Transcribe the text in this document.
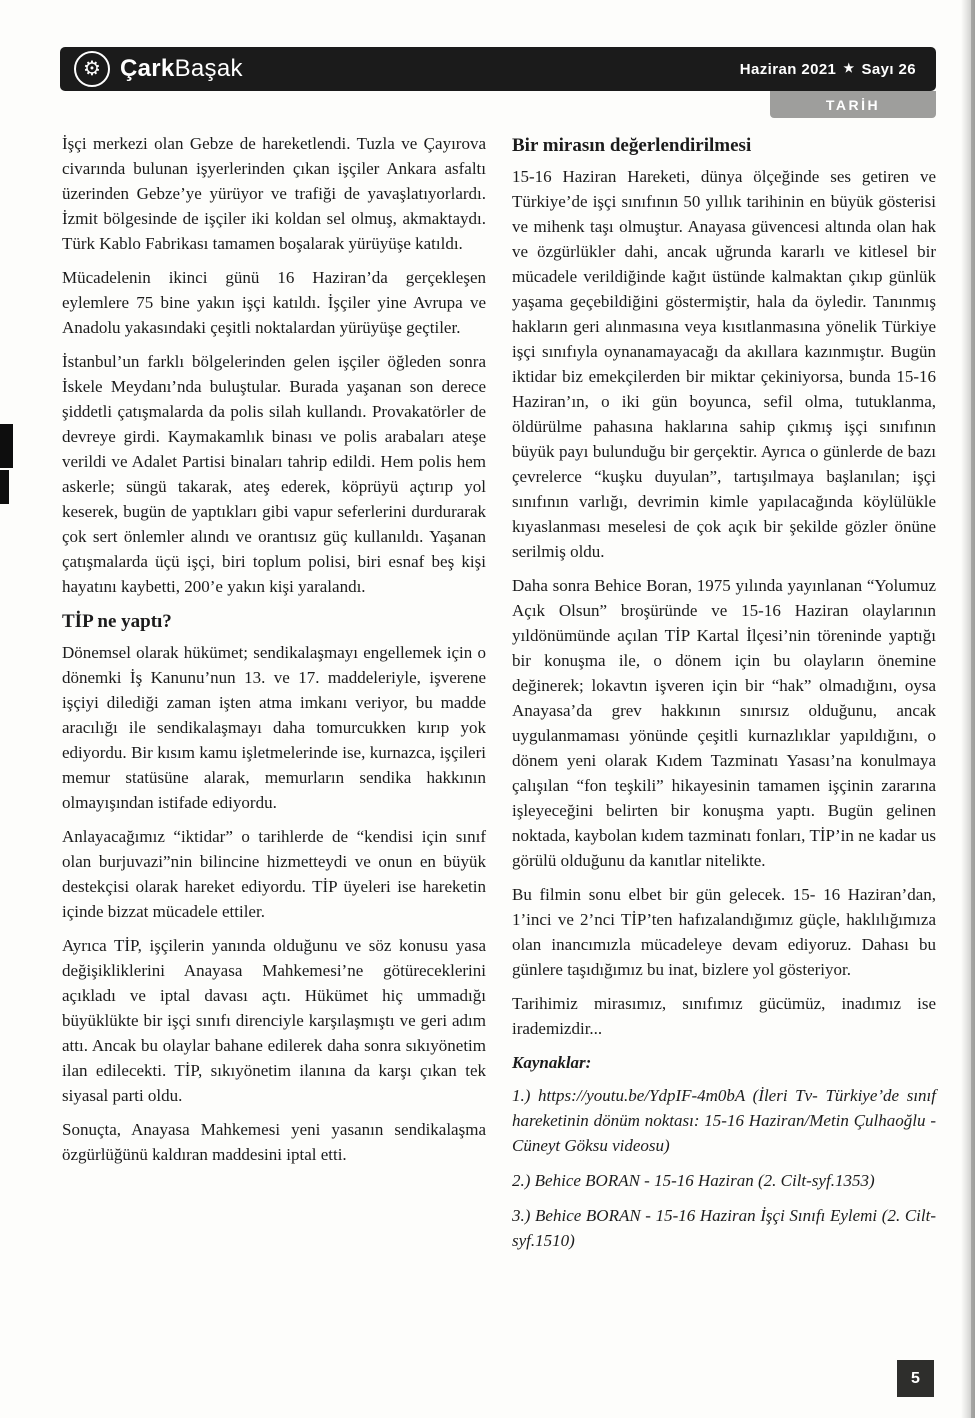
⚙ ÇarkBaşak	Haziran 2021 ★ Sayı 26
TARİH

İşçi merkezi olan Gebze de hareketlendi. Tuzla ve Çayırova civarında bulunan işyerlerinden çıkan işçiler Ankara asfaltı üzerinden Gebze’ye yürüyor ve trafiği de yavaşlatıyorlardı. İzmit bölgesinde de işçiler iki koldan sel olmuş, akmaktaydı. Türk Kablo Fabrikası tamamen boşalarak yürüyüşe katıldı.

Mücadelenin ikinci günü 16 Haziran’da gerçekleşen eylemlere 75 bine yakın işçi katıldı. İşçiler yine Avrupa ve Anadolu yakasındaki çeşitli noktalardan yürüyüşe geçtiler.

İstanbul’un farklı bölgelerinden gelen işçiler öğleden sonra İskele Meydanı’nda buluştular. Burada yaşanan son derece şiddetli çatışmalarda da polis silah kullandı. Provakatörler de devreye girdi. Kaymakamlık binası ve polis arabaları ateşe verildi ve Adalet Partisi binaları tahrip edildi. Hem polis hem askerle; süngü takarak, ateş ederek, köprüyü açtırıp yol keserek, bugün de yaptıkları gibi vapur seferlerini durdurarak çok sert önlemler alındı ve orantısız güç kullanıldı. Yaşanan çatışmalarda üçü işçi, biri toplum polisi, biri esnaf beş kişi hayatını kaybetti, 200’e yakın kişi yaralandı.

TİP ne yaptı?

Dönemsel olarak hükümet; sendikalaşmayı engellemek için o dönemki İş Kanunu’nun 13. ve 17. maddeleriyle, işverene işçiyi dilediği zaman işten atma imkanı veriyor, bu madde aracılığı ile sendikalaşmayı daha tomurcukken kırıp yok ediyordu. Bir kısım kamu işletmelerinde ise, kurnazca, işçileri memur statüsüne alarak, memurların sendika hakkının olmayışından istifade ediyordu.

Anlayacağımız “iktidar” o tarihlerde de “kendisi için sınıf olan burjuvazi”nin bilincine hizmetteydi ve onun en büyük destekçisi olarak hareket ediyordu. TİP üyeleri ise hareketin içinde bizzat mücadele ettiler.

Ayrıca TİP, işçilerin yanında olduğunu ve söz konusu yasa değişikliklerini Anayasa Mahkemesi’ne götüreceklerini açıkladı ve iptal davası açtı. Hükümet hiç ummadığı büyüklükte bir işçi sınıfı direnciyle karşılaşmıştı ve geri adım attı. Ancak bu olaylar bahane edilerek daha sonra sıkıyönetim ilan edilecekti. TİP, sıkıyönetim ilanına da karşı çıkan tek siyasal parti oldu.

Sonuçta, Anayasa Mahkemesi yeni yasanın sendikalaşma özgürlüğünü kaldıran maddesini iptal etti.

Bir mirasın değerlendirilmesi

15-16 Haziran Hareketi, dünya ölçeğinde ses getiren ve Türkiye’de işçi sınıfının 50 yıllık tarihinin en büyük gösterisi ve mihenk taşı olmuştur. Anayasa güvencesi altında olan hak ve özgürlükler dahi, ancak uğrunda kararlı ve kitlesel bir mücadele verildiğinde kağıt üstünde kalmaktan çıkıp günlük yaşama geçebildiğini göstermiştir, hala da öyledir. Tanınmış hakların geri alınmasına veya kısıtlanmasına yönelik Türkiye işçi sınıfıyla oynanamayacağı da akıllara kazınmıştır. Bugün iktidar biz emekçilerden bir miktar çekiniyorsa, bunda 15-16 Haziran’ın, o iki gün boyunca, sefil olma, tutuklanma, öldürülme pahasına haklarına sahip çıkmış işçi sınıfının büyük payı bulunduğu bir gerçektir. Ayrıca o günlerde de bazı çevrelerce “kuşku duyulan”, tartışılmaya başlanılan; işçi sınıfının varlığı, devrimin kimle yapılacağında köylülükle kıyaslanması meselesi de çok açık bir şekilde gözler önüne serilmiş oldu.

Daha sonra Behice Boran, 1975 yılında yayınlanan “Yolumuz Açık Olsun” broşüründe ve 15-16 Haziran olaylarının yıldönümünde açılan TİP Kartal İlçesi’nin töreninde yaptığı bir konuşma ile, o dönem için bu olayların önemine değinerek; lokavtın işveren için bir “hak” olmadığını, oysa Anayasa’da grev hakkının sınırsız olduğunu, ancak uygulanmaması yönünde çeşitli kurnazlıklar yapıldığını, o dönem yeni olarak Kıdem Tazminatı Yasası’na konulmaya çalışılan “fon teşkili” hikayesinin tamamen işçinin zararına işleyeceğini belirten bir konuşma yaptı. Bugün gelinen noktada, kaybolan kıdem tazminatı fonları, TİP’in ne kadar us görülü olduğunu da kanıtlar nitelikte.

Bu filmin sonu elbet bir gün gelecek. 15- 16 Haziran’dan, 1’inci ve 2’nci TİP’ten hafızalandığımız güçle, haklılığımıza olan inancımızla mücadeleye devam ediyoruz. Dahası bu günlere taşıdığımız bu inat, bizlere yol gösteriyor.

Tarihimiz mirasımız, sınıfımız gücümüz, inadımız ise irademizdir...

Kaynaklar:

1.) https://youtu.be/YdpIF-4m0bA (İleri Tv- Türkiye’de sınıf hareketinin dönüm noktası: 15-16 Haziran/Metin Çulhaoğlu -Cüneyt Göksu videosu)

2.) Behice BORAN - 15-16 Haziran (2. Cilt-syf.1353)

3.) Behice BORAN - 15-16 Haziran İşçi Sınıfı Eylemi (2. Cilt-syf.1510)

5
